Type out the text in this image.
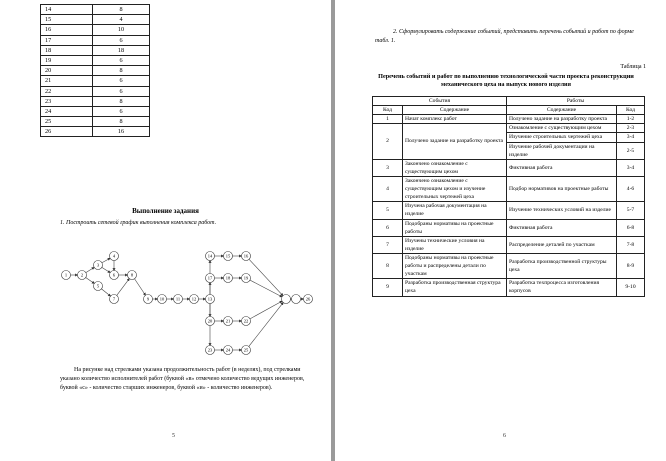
14	8
15	4
16	10
17	6
18	18
19	6
20	8
21	6
22	6
23	8
24	6
25	8
26	16
Выполнение задания
1. Построить сетевой график выполнения комплекса работ.
1	2
3
4
5
6
7
8
9 10	11	12	13
14	15	16
17	18	19
20	21	22
23	24	25
26
На рисунке над стрелками указана продолжительность работ (в неделях), под стрелками указано количество исполнителей работ (буквой «в» отмечено количество ведущих инженеров, буквой «с» - количество старших инженеров, буквой «и» - количество инженеров).
5
2. Сформулировать содержание событий, представить перечень событий и работ по форме табл. 1.
Таблица 1
Перечень событий и работ по выполнению технологической части проекта реконструкции механического цеха на выпуск нового изделия
События		Работы	
Код	Содержание	Содержание	Код
1	Начат комплекс работ	Получено задание на разработку проекта	1-2
2	Получено задание на разработку проекта	Ознакомление с существующим цехом	2-3
		Изучение строительных чертежей цеха	3-4
		Изучение рабочей документации на изделие	2-5
3	Закончено ознакомление с существующим цехом	Фиктивная работа	3-4
4	Закончено ознакомление с существующим цехом и изучение строительных чертежей цеха	Подбор нормативов на проектные работы	4-6
5	Изучена рабочая документация на изделие	Изучение технических условий на изделие	5-7
6	Подобраны нормативы на проектные работы	Фиктивная работа	6-8
7	Изучены технические условия на изделие	Распределение деталей по участкам	7-8
8	Подобраны нормативы на проектные работы и распределены детали по участкам	Разработка производственной структуры цеха	8-9
9	Разработка производственная структура цеха	Разработка техпроцесса изготовления корпусов	9-10
6
